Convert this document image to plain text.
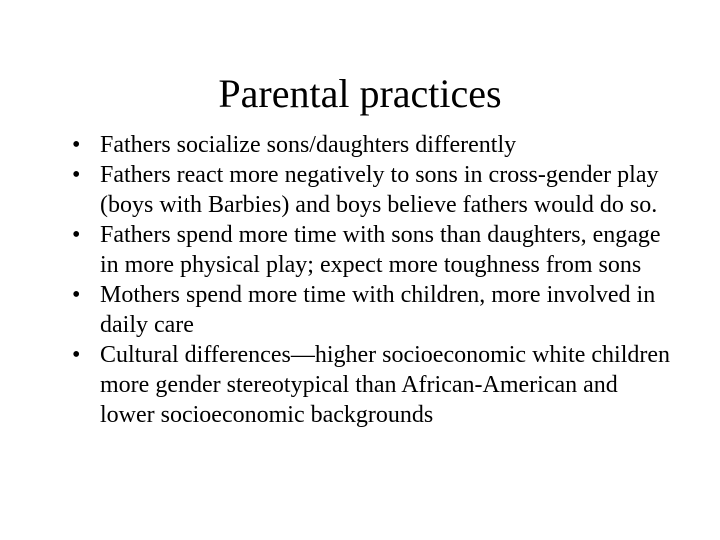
Parental practices
• Fathers socialize sons/daughters differently
• Fathers react more negatively to sons in cross-gender play (boys with Barbies) and boys believe fathers would do so.
• Fathers spend more time with sons than daughters, engage in more physical play; expect more toughness from sons
• Mothers spend more time with children, more involved in daily care
• Cultural differences—higher socioeconomic white children more gender stereotypical than African-American and lower socioeconomic backgrounds
